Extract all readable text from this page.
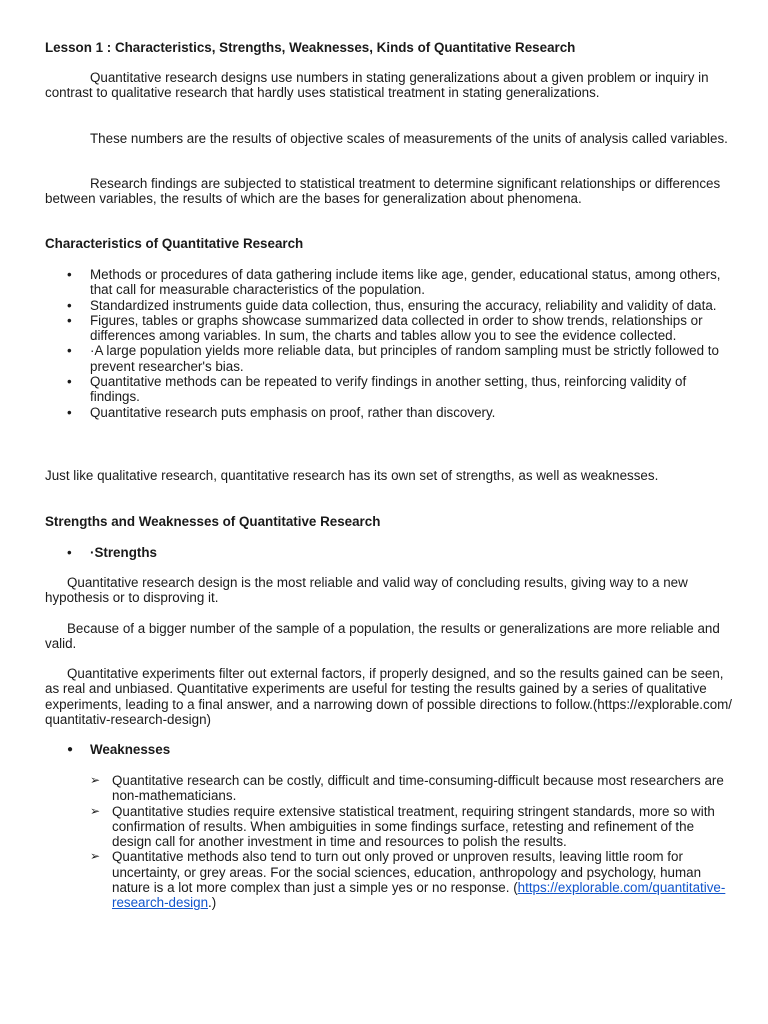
Lesson 1 : Characteristics, Strengths, Weaknesses, Kinds of Quantitative Research

Quantitative research designs use numbers in stating generalizations about a given problem or inquiry in contrast to qualitative research that hardly uses statistical treatment in stating generalizations.

These numbers are the results of objective scales of measurements of the units of analysis called variables.

Research findings are subjected to statistical treatment to determine significant relationships or differences between variables, the results of which are the bases for generalization about phenomena.

Characteristics of Quantitative Research

• Methods or procedures of data gathering include items like age, gender, educational status, among others, that call for measurable characteristics of the population.
• Standardized instruments guide data collection, thus, ensuring the accuracy, reliability and validity of data.
• Figures, tables or graphs showcase summarized data collected in order to show trends, relationships or differences among variables. In sum, the charts and tables allow you to see the evidence collected.
• ·A large population yields more reliable data, but principles of random sampling must be strictly followed to prevent researcher's bias.
• Quantitative methods can be repeated to verify findings in another setting, thus, reinforcing validity of findings.
• Quantitative research puts emphasis on proof, rather than discovery.

Just like qualitative research, quantitative research has its own set of strengths, as well as weaknesses.

Strengths and Weaknesses of Quantitative Research

• ·Strengths

Quantitative research design is the most reliable and valid way of concluding results, giving way to a new hypothesis or to disproving it.

Because of a bigger number of the sample of a population, the results or generalizations are more reliable and valid.

Quantitative experiments filter out external factors, if properly designed, and so the results gained can be seen, as real and unbiased. Quantitative experiments are useful for testing the results gained by a series of qualitative experiments, leading to a final answer, and a narrowing down of possible directions to follow.(https://explorable.com/ quantitativ-research-design)

● Weaknesses
➢ Quantitative research can be costly, difficult and time-consuming-difficult because most researchers are non-mathematicians.
➢ Quantitative studies require extensive statistical treatment, requiring stringent standards, more so with confirmation of results. When ambiguities in some findings surface, retesting and refinement of the design call for another investment in time and resources to polish the results.
➢ Quantitative methods also tend to turn out only proved or unproven results, leaving little room for uncertainty, or grey areas. For the social sciences, education, anthropology and psychology, human nature is a lot more complex than just a simple yes or no response. (https://explorable.com/quantitative-research-design.)
